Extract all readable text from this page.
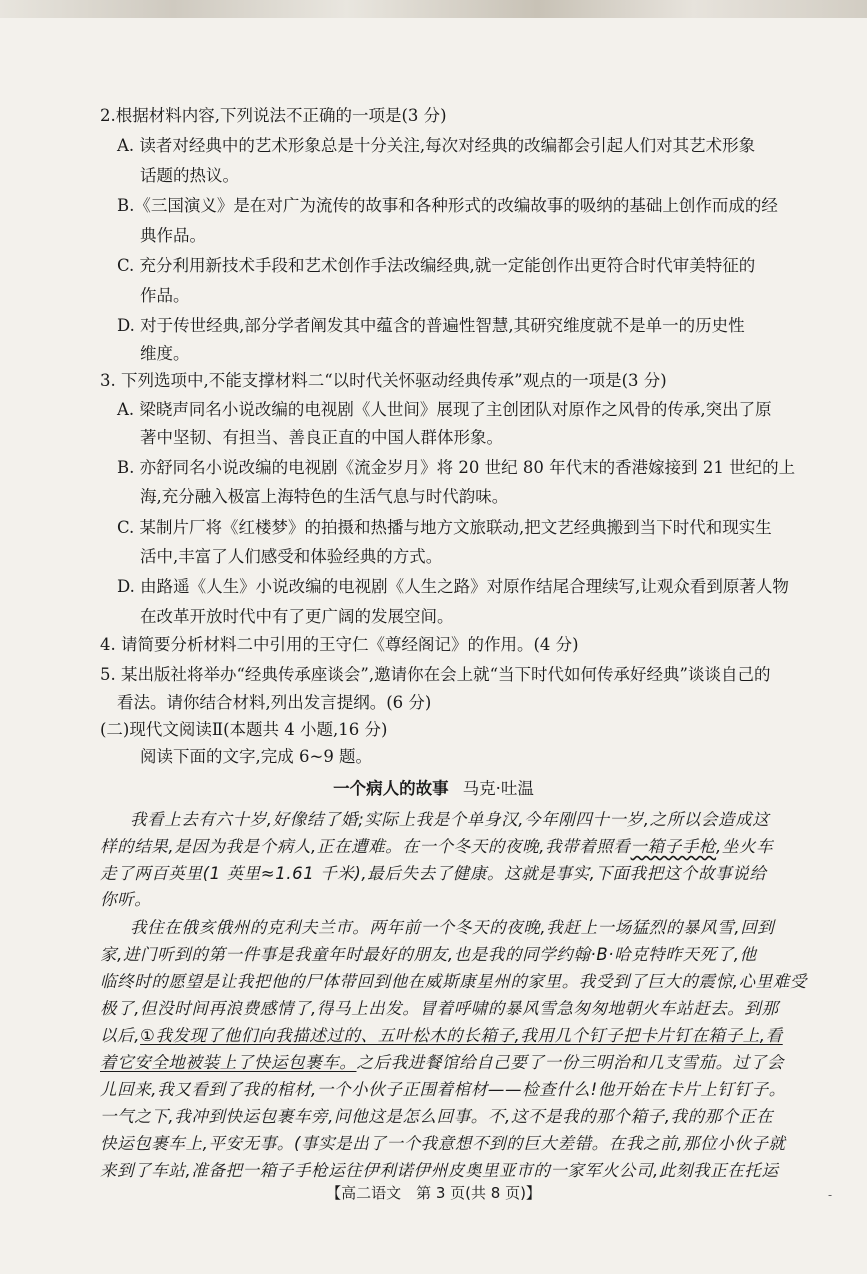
2.根据材料内容,下列说法不正确的一项是(3 分)
A. 读者对经典中的艺术形象总是十分关注,每次对经典的改编都会引起人们对其艺术形象
话题的热议。
B.《三国演义》是在对广为流传的故事和各种形式的改编故事的吸纳的基础上创作而成的经
典作品。
C. 充分利用新技术手段和艺术创作手法改编经典,就一定能创作出更符合时代审美特征的
作品。
D. 对于传世经典,部分学者阐发其中蕴含的普遍性智慧,其研究维度就不是单一的历史性
维度。
3. 下列选项中,不能支撑材料二“以时代关怀驱动经典传承”观点的一项是(3 分)
A. 梁晓声同名小说改编的电视剧《人世间》展现了主创团队对原作之风骨的传承,突出了原
著中坚韧、有担当、善良正直的中国人群体形象。
B. 亦舒同名小说改编的电视剧《流金岁月》将 20 世纪 80 年代末的香港嫁接到 21 世纪的上
海,充分融入极富上海特色的生活气息与时代韵味。
C. 某制片厂将《红楼梦》的拍摄和热播与地方文旅联动,把文艺经典搬到当下时代和现实生
活中,丰富了人们感受和体验经典的方式。
D. 由路遥《人生》小说改编的电视剧《人生之路》对原作结尾合理续写,让观众看到原著人物
在改革开放时代中有了更广阔的发展空间。
4. 请简要分析材料二中引用的王守仁《尊经阁记》的作用。(4 分)
5. 某出版社将举办“经典传承座谈会”,邀请你在会上就“当下时代如何传承好经典”谈谈自己的
看法。请你结合材料,列出发言提纲。(6 分)
(二)现代文阅读Ⅱ(本题共 4 小题,16 分)
阅读下面的文字,完成 6~9 题。
一个病人的故事 马克·吐温
我看上去有六十岁,好像结了婚;实际上我是个单身汉,今年刚四十一岁,之所以会造成这
样的结果,是因为我是个病人,正在遭难。在一个冬天的夜晚,我带着照看一箱子手枪,坐火车
走了两百英里(1 英里≈1.61 千米),最后失去了健康。这就是事实,下面我把这个故事说给
你听。
我住在俄亥俄州的克利夫兰市。两年前一个冬天的夜晚,我赶上一场猛烈的暴风雪,回到
家,进门听到的第一件事是我童年时最好的朋友,也是我的同学约翰·B·哈克特昨天死了,他
临终时的愿望是让我把他的尸体带回到他在威斯康星州的家里。我受到了巨大的震惊,心里难受
极了,但没时间再浪费感情了,得马上出发。冒着呼啸的暴风雪急匆匆地朝火车站赶去。到那
以后,①我发现了他们向我描述过的、五叶松木的长箱子,我用几个钉子把卡片钉在箱子上,看
着它安全地被装上了快运包裹车。之后我进餐馆给自己要了一份三明治和几支雪茄。过了会
儿回来,我又看到了我的棺材,一个小伙子正围着棺材——检查什么!他开始在卡片上钉钉子。
一气之下,我冲到快运包裹车旁,问他这是怎么回事。不,这不是我的那个箱子,我的那个正在
快运包裹车上,平安无事。(事实是出了一个我意想不到的巨大差错。在我之前,那位小伙子就
来到了车站,准备把一箱子手枪运往伊利诺伊州皮奥里亚市的一家军火公司,此刻我正在托运
【高二语文　第 3 页(共 8 页)】	-
